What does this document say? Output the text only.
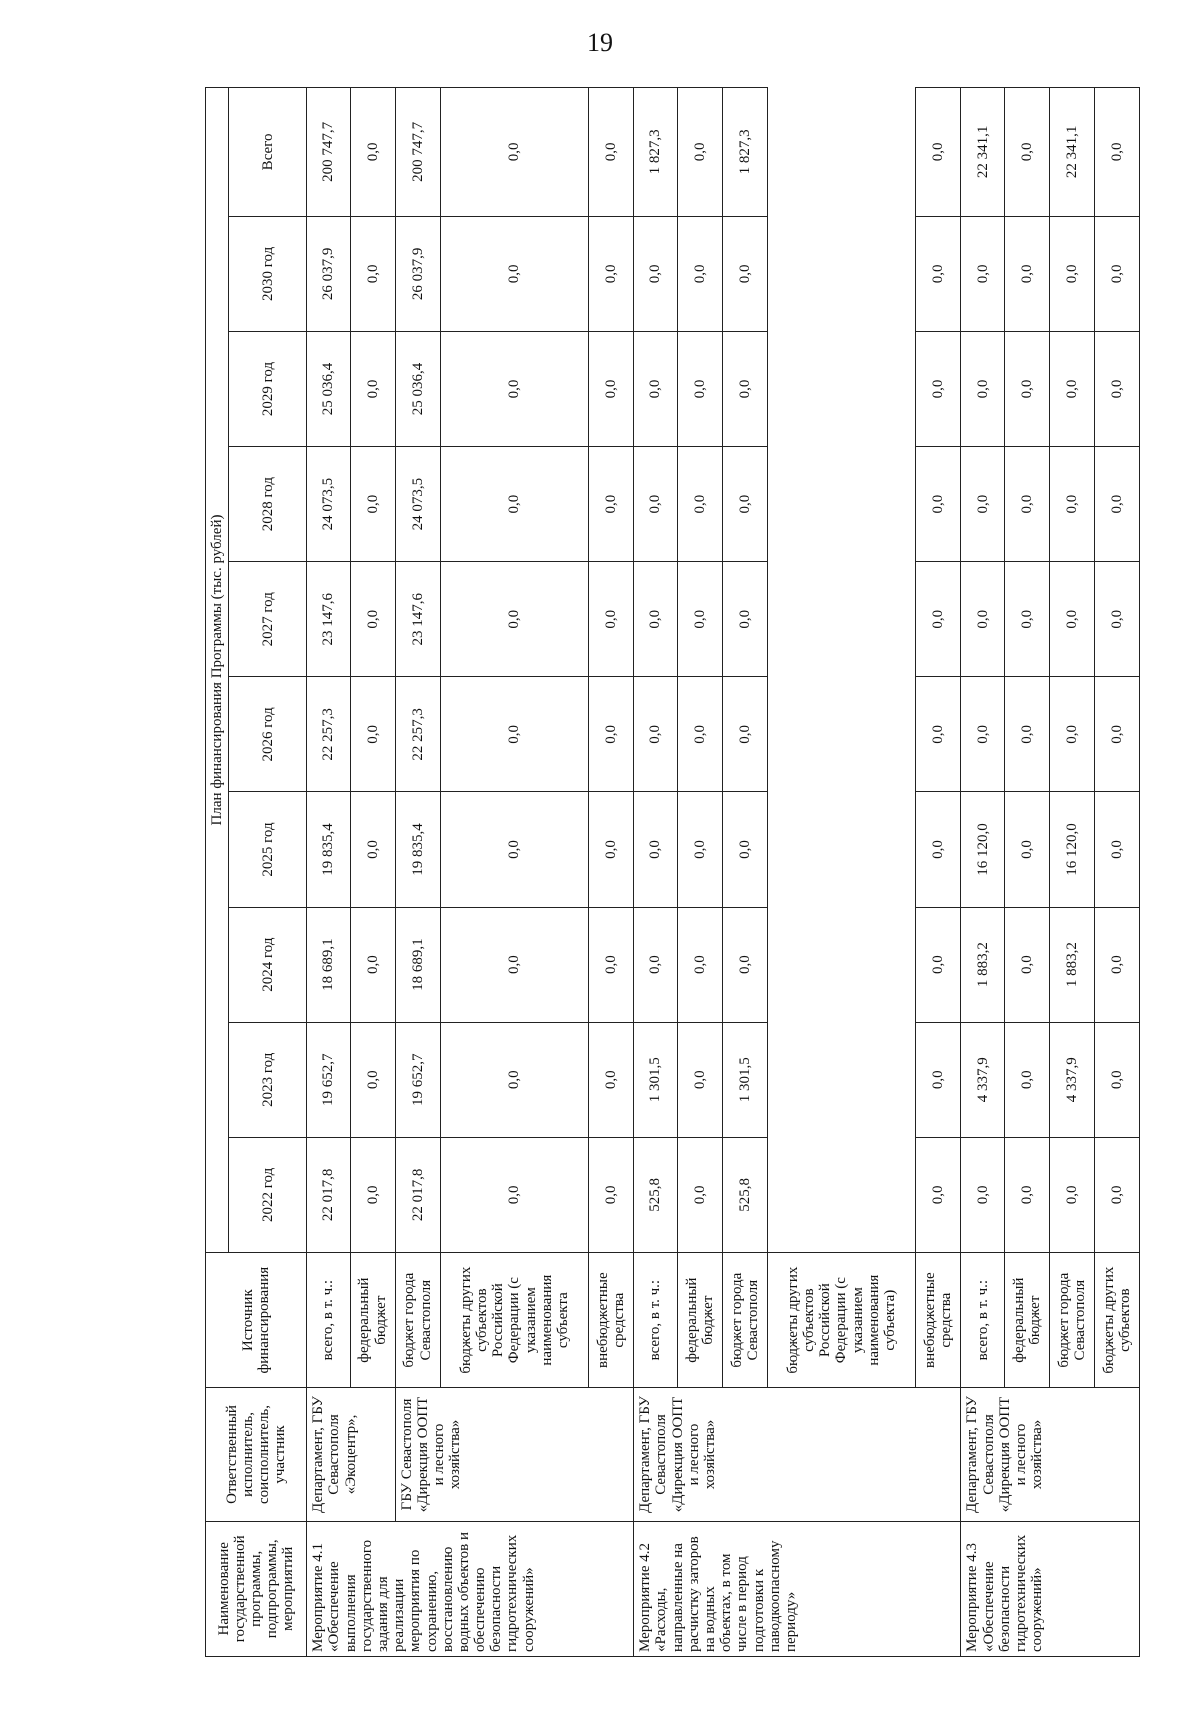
19
Наименование государственной программы, подпрограммы, мероприятий	Ответственный исполнитель, соисполнитель, участник	Источник финансирования	План финансирования Программы (тыс. рублей)									
			2022 год	2023 год	2024 год	2025 год	2026 год	2027 год	2028 год	2029 год	2030 год	Всего
Мероприятие 4.1 «Обеспечение выполнения государственного задания для реализации мероприятия по сохранению, восстановлению водных объектов и обеспечению безопасности гидротехнических сооружений»	Департамент, ГБУ Севастополя «Экоцентр»,	всего, в т. ч.:	22 017,8	19 652,7	18 689,1	19 835,4	22 257,3	23 147,6	24 073,5	25 036,4	26 037,9	200 747,7
		федеральный бюджет	0,0	0,0	0,0	0,0	0,0	0,0	0,0	0,0	0,0	0,0
	ГБУ Севастополя «Дирекция ООПТ и лесного хозяйства»	бюджет города Севастополя	22 017,8	19 652,7	18 689,1	19 835,4	22 257,3	23 147,6	24 073,5	25 036,4	26 037,9	200 747,7
		бюджеты других субъектов Российской Федерации (с указанием наименования субъекта	0,0	0,0	0,0	0,0	0,0	0,0	0,0	0,0	0,0	0,0
		внебюджетные средства	0,0	0,0	0,0	0,0	0,0	0,0	0,0	0,0	0,0	0,0
Мероприятие 4.2 «Расходы, направленные на расчистку заторов на водных объектах, в том числе в период подготовки к паводкоопасному периоду»	Департамент, ГБУ Севастополя «Дирекция ООПТ и лесного хозяйства»	всего, в т. ч.:	525,8	1 301,5	0,0	0,0	0,0	0,0	0,0	0,0	0,0	1 827,3
		федеральный бюджет	0,0	0,0	0,0	0,0	0,0	0,0	0,0	0,0	0,0	0,0
		бюджет города Севастополя	525,8	1 301,5	0,0	0,0	0,0	0,0	0,0	0,0	0,0	1 827,3
		бюджеты других субъектов Российской Федерации (с указанием наименования субъекта)										
		внебюджетные средства	0,0	0,0	0,0	0,0	0,0	0,0	0,0	0,0	0,0	0,0
Мероприятие 4.3 «Обеспечение безопасности гидротехнических сооружений»	Департамент, ГБУ Севастополя «Дирекция ООПТ и лесного хозяйства»	всего, в т. ч.:	0,0	4 337,9	1 883,2	16 120,0	0,0	0,0	0,0	0,0	0,0	22 341,1
		федеральный бюджет	0,0	0,0	0,0	0,0	0,0	0,0	0,0	0,0	0,0	0,0
		бюджет города Севастополя	0,0	4 337,9	1 883,2	16 120,0	0,0	0,0	0,0	0,0	0,0	22 341,1
		бюджеты других субъектов	0,0	0,0	0,0	0,0	0,0	0,0	0,0	0,0	0,0	0,0
